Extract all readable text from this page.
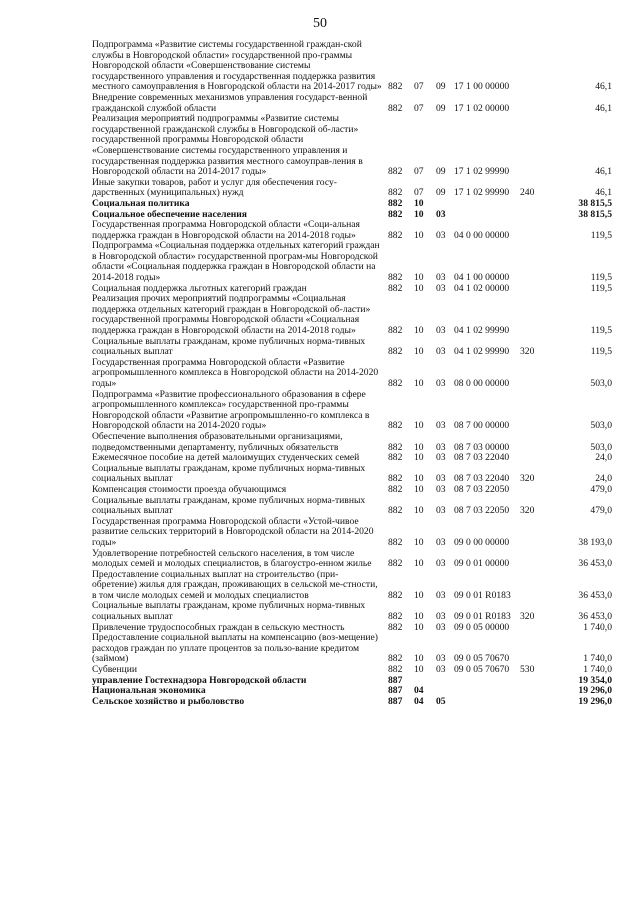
50
Подпрограмма «Развитие системы государственной граждан-ской службы в Новгородской области» государственной про-граммы Новгородской области «Совершенствование системы государственного управления и государственная поддержка развития местного самоуправления в Новгородской области на 2014-2017 годы»	882	07	09	17 1 00 00000		46,1
Внедрение современных механизмов управления государст-венной гражданской службой области	882	07	09	17 1 02 00000		46,1
Реализация мероприятий подпрограммы «Развитие системы государственной гражданской службы в Новгородской об-ласти» государственной программы Новгородской области «Совершенствование системы государственного управления и государственная поддержка развития местного самоуправ-ления в Новгородской области на 2014-2017 годы»	882	07	09	17 1 02 99990		46,1
Иные закупки товаров, работ и услуг для обеспечения госу-дарственных (муниципальных) нужд	882	07	09	17 1 02 99990	240	46,1
Социальная политика	882	10				38 815,5
Социальное обеспечение населения	882	10	03			38 815,5
Государственная программа Новгородской области «Соци-альная поддержка граждан в Новгородской области на 2014-2018 годы»	882	10	03	04 0 00 00000		119,5
Подпрограмма «Социальная поддержка отдельных категорий граждан в Новгородской области» государственной програм-мы Новгородской области «Социальная поддержка граждан в Новгородской области на 2014-2018 годы»	882	10	03	04 1 00 00000		119,5
Социальная поддержка льготных категорий граждан	882	10	03	04 1 02 00000		119,5
Реализация прочих мероприятий подпрограммы «Социальная поддержка отдельных категорий граждан в Новгородской об-ласти» государственной программы Новгородской области «Социальная поддержка граждан в Новгородской области на 2014-2018 годы»	882	10	03	04 1 02 99990		119,5
Социальные выплаты гражданам, кроме публичных норма-тивных социальных выплат	882	10	03	04 1 02 99990	320	119,5
Государственная программа Новгородской области «Развитие агропромышленного комплекса в Новгородской области на 2014-2020 годы»	882	10	03	08 0 00 00000		503,0
Подпрограмма «Развитие профессионального образования в сфере агропромышленного комплекса» государственной про-граммы Новгородской области «Развитие агропромышленно-го комплекса в Новгородской области на 2014-2020 годы»	882	10	03	08 7 00 00000		503,0
Обеспечение выполнения образовательными организациями, подведомственными департаменту, публичных обязательств	882	10	03	08 7 03 00000		503,0
Ежемесячное пособие на детей малоимущих студенческих семей	882	10	03	08 7 03 22040		24,0
Социальные выплаты гражданам, кроме публичных норма-тивных социальных выплат	882	10	03	08 7 03 22040	320	24,0
Компенсация стоимости проезда обучающимся	882	10	03	08 7 03 22050		479,0
Социальные выплаты гражданам, кроме публичных норма-тивных социальных выплат	882	10	03	08 7 03 22050	320	479,0
Государственная программа Новгородской области «Устой-чивое развитие сельских территорий в Новгородской области на 2014-2020 годы»	882	10	03	09 0 00 00000		38 193,0
Удовлетворение потребностей сельского населения, в том числе молодых семей и молодых специалистов, в благоустро-енном жилье	882	10	03	09 0 01 00000		36 453,0
Предоставление социальных выплат на строительство (при-обретение) жилья для граждан, проживающих в сельской ме-стности, в том числе молодых семей и молодых специалистов	882	10	03	09 0 01 R0183		36 453,0
Социальные выплаты гражданам, кроме публичных норма-тивных социальных выплат	882	10	03	09 0 01 R0183	320	36 453,0
Привлечение трудоспособных граждан в сельскую местность	882	10	03	09 0 05 00000		1 740,0
Предоставление социальной выплаты на компенсацию (воз-мещение) расходов граждан по уплате процентов за пользо-вание кредитом (займом)	882	10	03	09 0 05 70670		1 740,0
Субвенции	882	10	03	09 0 05 70670	530	1 740,0
управление Гостехнадзора Новгородской области	887					19 354,0
Национальная экономика	887	04				19 296,0
Сельское хозяйство и рыболовство	887	04	05			19 296,0
